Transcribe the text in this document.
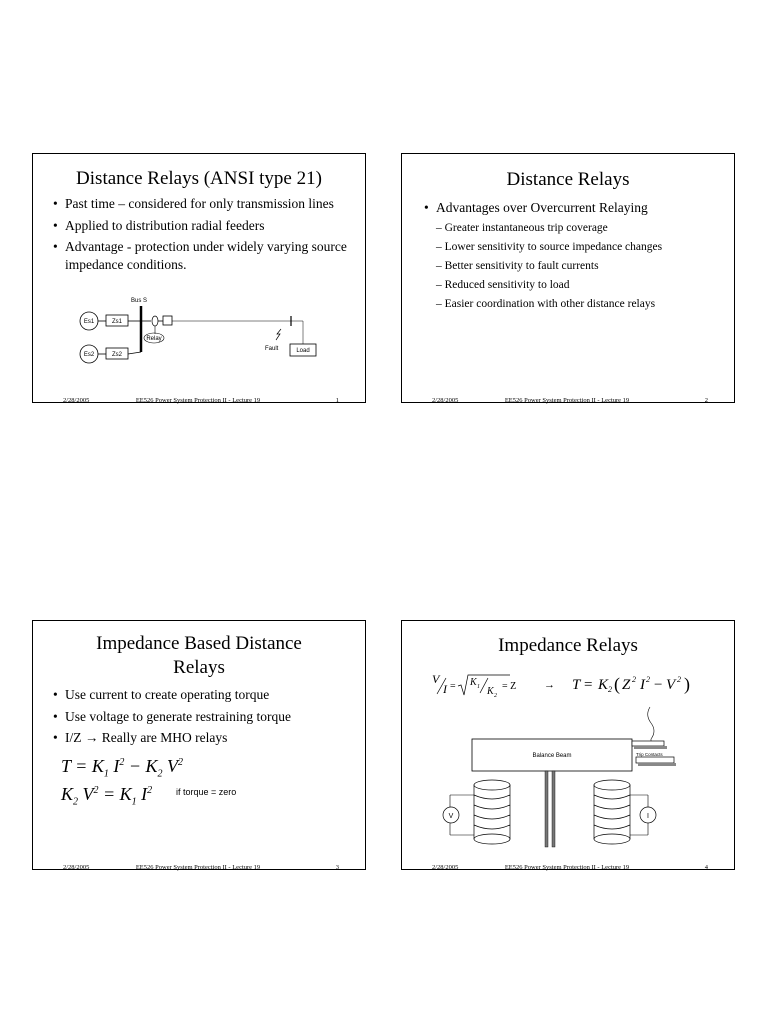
Distance Relays (ANSI type 21)
• Past time – considered for only transmission lines
• Applied to distribution radial feeders
• Advantage - protection under widely varying source impedance conditions.
Bus S
Es1	Zs1
Es2	Zs2
Relay
Fault	Load
2/28/2005	EE526 Power System Protection II - Lecture 19	1
Distance Relays
• Advantages over Overcurrent Relaying
– Greater instantaneous trip coverage
– Lower sensitivity to source impedance changes
– Better sensitivity to fault currents
– Reduced sensitivity to load
– Easier coordination with other distance relays
2/28/2005	EE526 Power System Protection II - Lecture 19	2
Impedance Based Distance
Relays
• Use current to create operating torque
• Use voltage to generate restraining torque
• I/Z → Really are MHO relays
$T = K_1$ $I^2 - K_2$ $V^2$
$K_2$ $V^2 = K_1$ $I^2$	if torque = zero
2/28/2005	EE526 Power System Protection II - Lecture 19	3
Impedance Relays
V
I = K 1 K 2
= Z	→ T = K 2 ( Z 2 I 2 − V 2 )
Balance Beam	Trip Contacts
V	I
2/28/2005	EE526 Power System Protection II - Lecture 19	4
